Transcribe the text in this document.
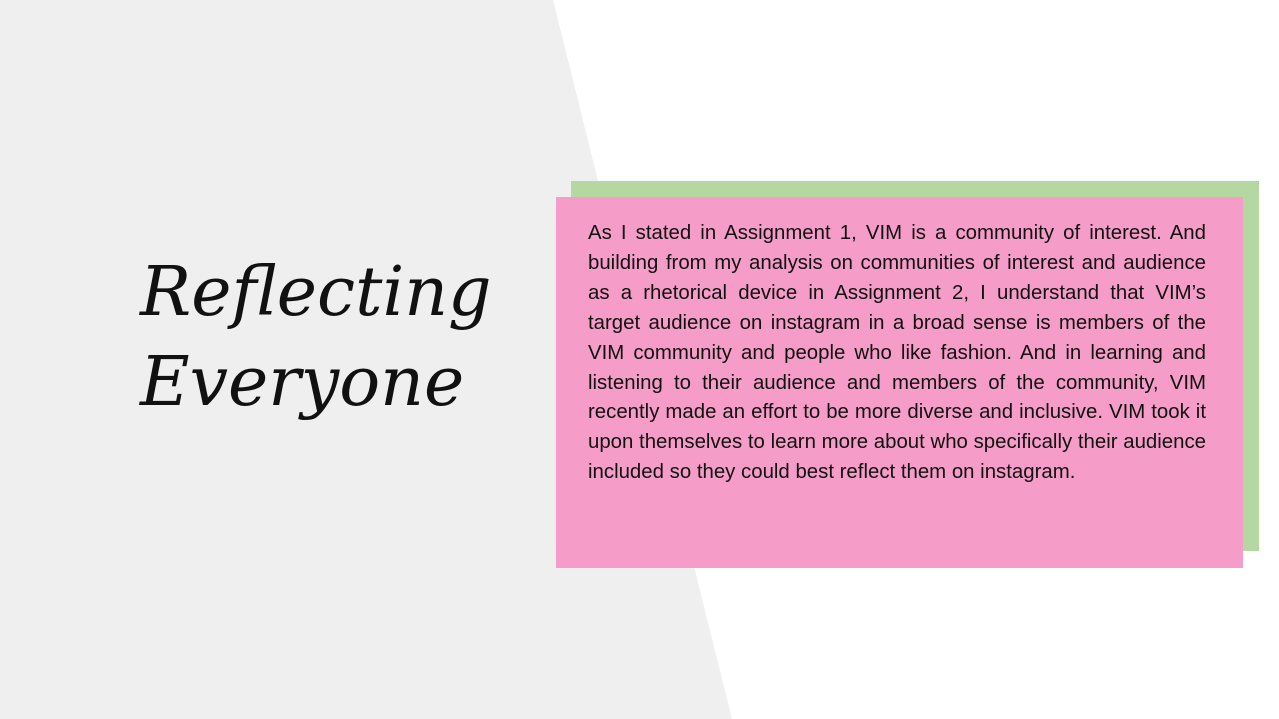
Reflecting
Everyone

As I stated in Assignment 1, VIM is a community of interest. And building from my analysis on communities of interest and audience as a rhetorical device in Assignment 2, I understand that VIM’s target audience on instagram in a broad sense is members of the VIM community and people who like fashion. And in learning and listening to their audience and members of the community, VIM recently made an effort to be more diverse and inclusive. VIM took it upon themselves to learn more about who specifically their audience included so they could best reflect them on instagram.
